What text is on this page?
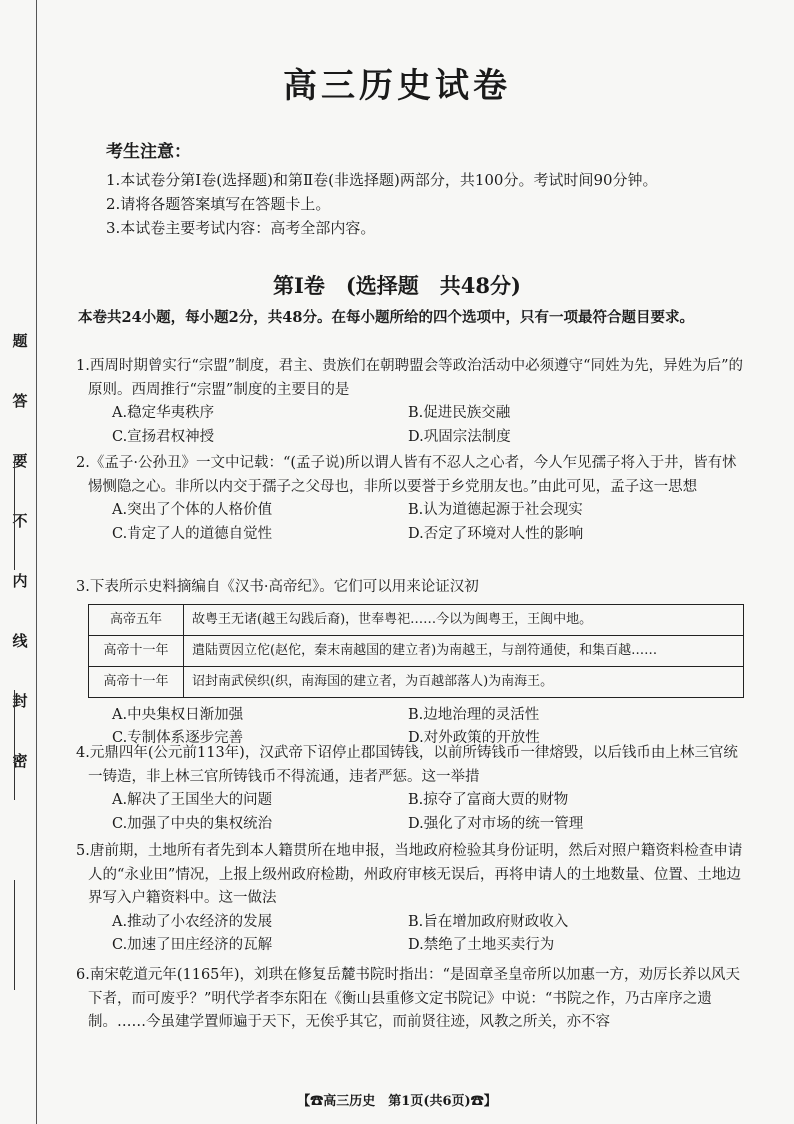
题
答
要
不
内
线
封
密
高三历史试卷
考生注意：
1.本试卷分第Ⅰ卷(选择题)和第Ⅱ卷(非选择题)两部分，共100分。考试时间90分钟。
2.请将各题答案填写在答题卡上。
3.本试卷主要考试内容：高考全部内容。
第Ⅰ卷　(选择题　共48分)
本卷共24小题，每小题2分，共48分。在每小题所给的四个选项中，只有一项最符合题目要求。
1.西周时期曾实行“宗盟”制度，君主、贵族们在朝聘盟会等政治活动中必须遵守“同姓为先，异姓为后”的原则。西周推行“宗盟”制度的主要目的是
A.稳定华夷秩序	B.促进民族交融
C.宣扬君权神授	D.巩固宗法制度
2.《孟子·公孙丑》一文中记载：“(孟子说)所以谓人皆有不忍人之心者，今人乍见孺子将入于井，皆有怵惕恻隐之心。非所以内交于孺子之父母也，非所以要誉于乡党朋友也。”由此可见，孟子这一思想
A.突出了个体的人格价值	B.认为道德起源于社会现实
C.肯定了人的道德自觉性	D.否定了环境对人性的影响
3.下表所示史料摘编自《汉书·高帝纪》。它们可以用来论证汉初
高帝五年	故粤王无诸(越王勾践后裔)，世奉粤祀……今以为闽粤王，王闽中地。
高帝十一年	遣陆贾因立佗(赵佗，秦末南越国的建立者)为南越王，与剖符通使，和集百越……
高帝十一年	诏封南武侯织(织，南海国的建立者，为百越部落人)为南海王。
A.中央集权日渐加强	B.边地治理的灵活性
C.专制体系逐步完善	D.对外政策的开放性
4.元鼎四年(公元前113年)，汉武帝下诏停止郡国铸钱，以前所铸钱币一律熔毁，以后钱币由上林三官统一铸造，非上林三官所铸钱币不得流通，违者严惩。这一举措
A.解决了王国坐大的问题	B.掠夺了富商大贾的财物
C.加强了中央的集权统治	D.强化了对市场的统一管理
5.唐前期，土地所有者先到本人籍贯所在地申报，当地政府检验其身份证明，然后对照户籍资料检查申请人的“永业田”情况，上报上级州政府检勘，州政府审核无误后，再将申请人的土地数量、位置、土地边界写入户籍资料中。这一做法
A.推动了小农经济的发展	B.旨在增加政府财政收入
C.加速了田庄经济的瓦解	D.禁绝了土地买卖行为
6.南宋乾道元年(1165年)，刘珙在修复岳麓书院时指出：“是固章圣皇帝所以加惠一方，劝厉长养以风天下者，而可废乎？”明代学者李东阳在《衡山县重修文定书院记》中说：“书院之作，乃古庠序之遗制。……今虽建学置师遍于天下，无俟乎其它，而前贤往迹，风教之所关，亦不容
【☎高三历史　第1页(共6页)☎】
